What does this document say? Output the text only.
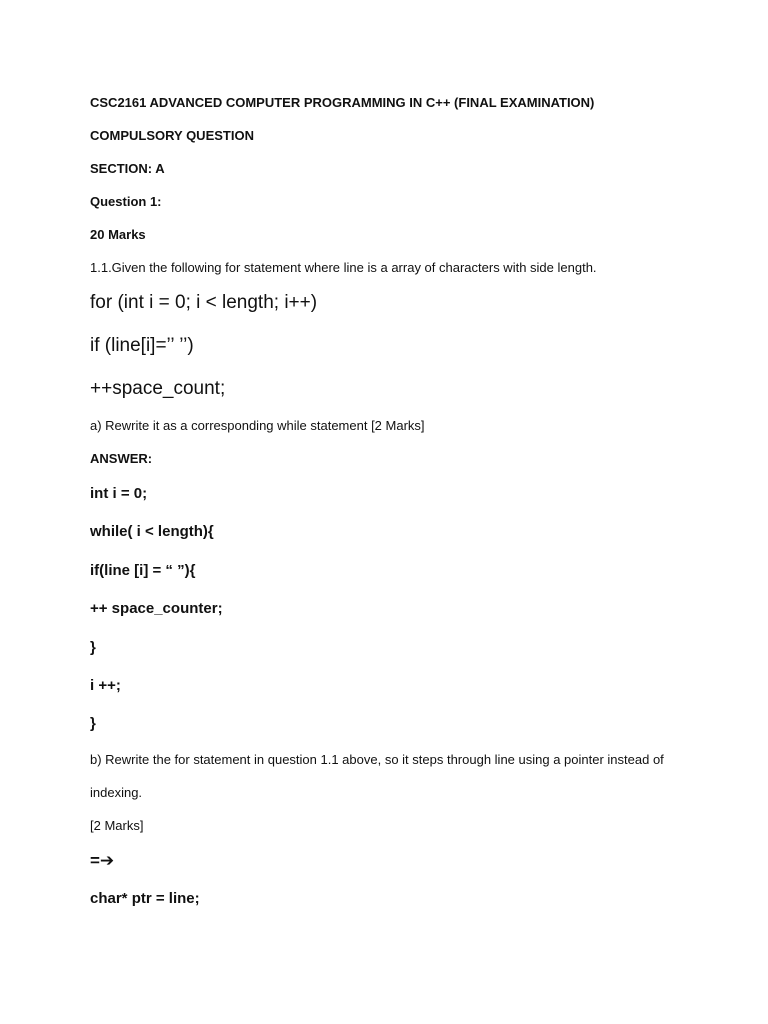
CSC2161 ADVANCED COMPUTER PROGRAMMING IN C++ (FINAL EXAMINATION)
COMPULSORY QUESTION
SECTION: A
Question 1:
20 Marks
1.1.Given the following for statement where line is a array of characters with side length.
for (int i = 0; i < length; i++)
if (line[i]=’’ ’’)
++space_count;
a) Rewrite it as a corresponding while statement [2 Marks]
ANSWER:
int i = 0;
while( i < length){
if(line [i] = “ ”){
++ space_counter;
}
i ++;
}
b) Rewrite the for statement in question 1.1 above, so it steps through line using a pointer instead of
indexing.
[2 Marks]
=➔
char* ptr = line;
